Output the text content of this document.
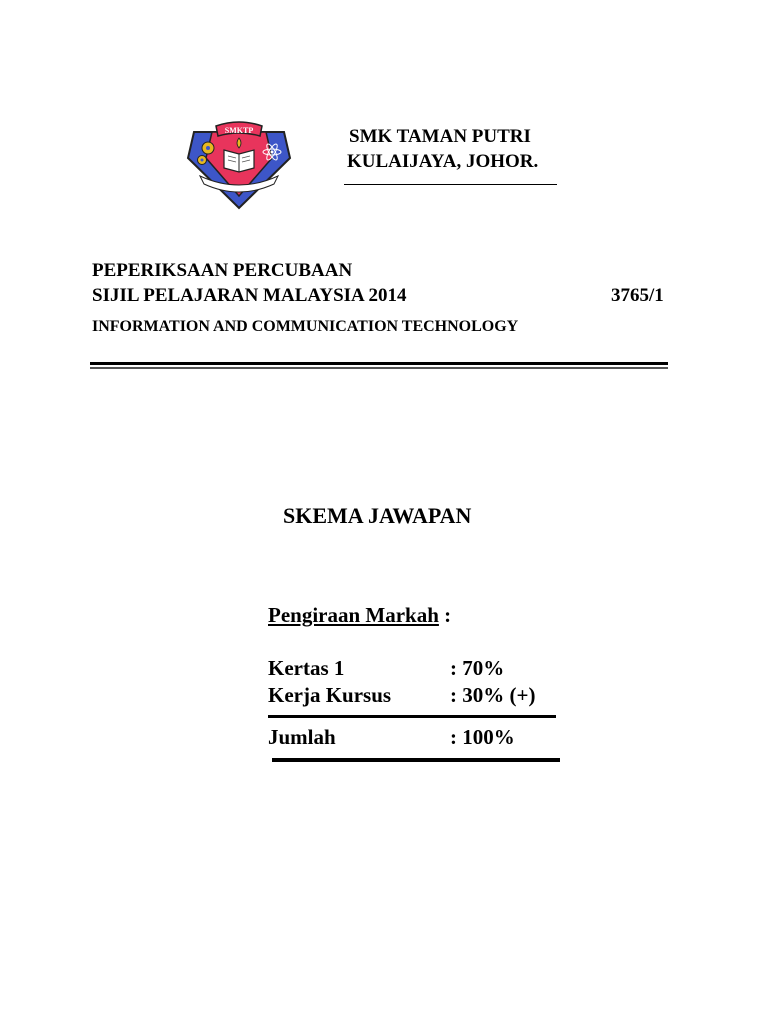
SMKTP	SMK TAMAN PUTRI
KULAIJAYA, JOHOR.
PEPERIKSAAN PERCUBAAN
SIJIL PELAJARAN MALAYSIA 2014	3765/1
INFORMATION AND COMMUNICATION TECHNOLOGY
SKEMA JAWAPAN
Pengiraan Markah :
Kertas 1	: 70%
Kerja Kursus	: 30% (+)
Jumlah	: 100%
